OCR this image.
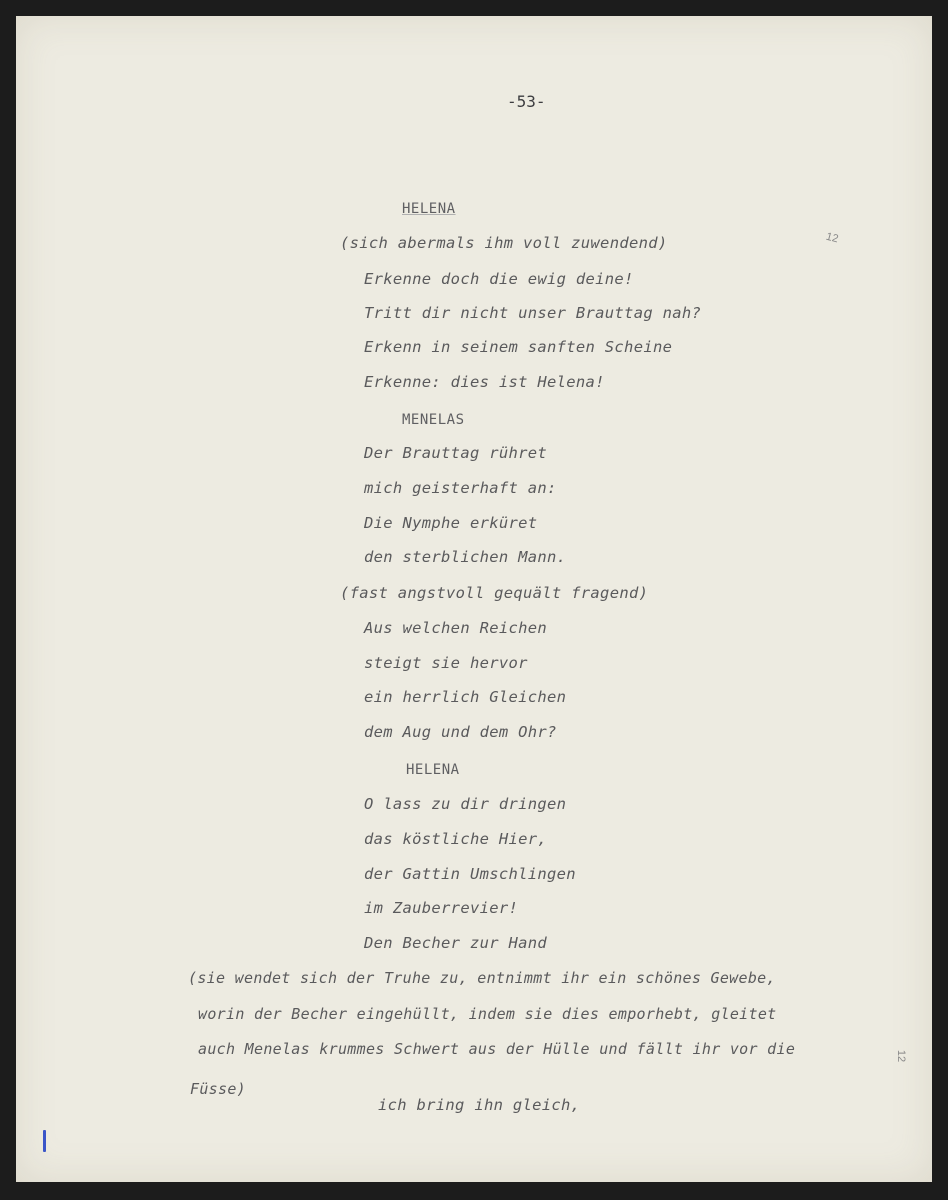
-53-
12
12
HELENA
(sich abermals ihm voll zuwendend)
Erkenne doch die ewig deine!
Tritt dir nicht unser Brauttag nah?
Erkenn in seinem sanften Scheine
Erkenne: dies ist Helena!
MENELAS
Der Brauttag rühret
mich geisterhaft an:
Die Nymphe erküret
den sterblichen Mann.
(fast angstvoll gequält fragend)
Aus welchen Reichen
steigt sie hervor
ein herrlich Gleichen
dem Aug und dem Ohr?
HELENA
O lass zu dir dringen
das köstliche Hier,
der Gattin Umschlingen
im Zauberrevier!
Den Becher zur Hand
(sie wendet sich der Truhe zu, entnimmt ihr ein schönes Gewebe,
worin der Becher eingehüllt, indem sie dies emporhebt, gleitet
auch Menelas krummes Schwert aus der Hülle und fällt ihr vor die
Füsse)
ich bring ihn gleich,
